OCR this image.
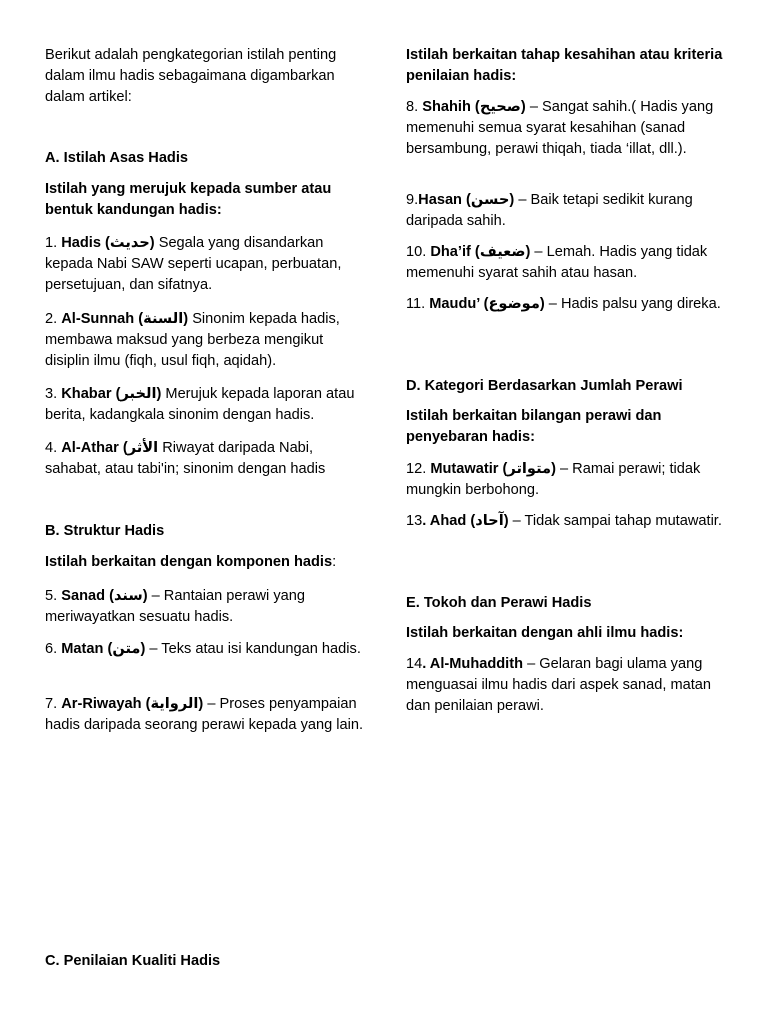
Berikut adalah pengkategorian istilah penting dalam ilmu hadis sebagaimana digambarkan dalam artikel:

A. Istilah Asas Hadis

Istilah yang merujuk kepada sumber atau bentuk kandungan hadis:

1. Hadis (حديث) Segala yang disandarkan kepada Nabi SAW seperti ucapan, perbuatan, persetujuan, dan sifatnya.

2. Al-Sunnah (السنة) Sinonim kepada hadis, membawa maksud yang berbeza mengikut disiplin ilmu (fiqh, usul fiqh, aqidah).

3. Khabar (الخبر) Merujuk kepada laporan atau berita, kadangkala sinonim dengan hadis.

4. Al-Athar (الأثر Riwayat daripada Nabi, sahabat, atau tabi'in; sinonim dengan hadis

B. Struktur Hadis

Istilah berkaitan dengan komponen hadis:

5. Sanad (سند) – Rantaian perawi yang meriwayatkan sesuatu hadis.

6. Matan (متن) – Teks atau isi kandungan hadis.

7. Ar-Riwayah (الرواية) – Proses penyampaian hadis daripada seorang perawi kepada yang lain.

C. Penilaian Kualiti Hadis

Istilah berkaitan tahap kesahihan atau kriteria penilaian hadis:

8. Shahih (صحيح) – Sangat sahih.( Hadis yang memenuhi semua syarat kesahihan (sanad bersambung, perawi thiqah, tiada ‘illat, dll.).

9.Hasan (حسن) – Baik tetapi sedikit kurang daripada sahih.

10. Dha’if (ضعيف) – Lemah. Hadis yang tidak memenuhi syarat sahih atau hasan.

11. Maudu’ (موضوع) – Hadis palsu yang direka.

D. Kategori Berdasarkan Jumlah Perawi

Istilah berkaitan bilangan perawi dan penyebaran hadis:

12. Mutawatir (متواتر) – Ramai perawi; tidak mungkin berbohong.

13. Ahad (آحاد) – Tidak sampai tahap mutawatir.

E. Tokoh dan Perawi Hadis

Istilah berkaitan dengan ahli ilmu hadis:

14. Al-Muhaddith – Gelaran bagi ulama yang menguasai ilmu hadis dari aspek sanad, matan dan penilaian perawi.
